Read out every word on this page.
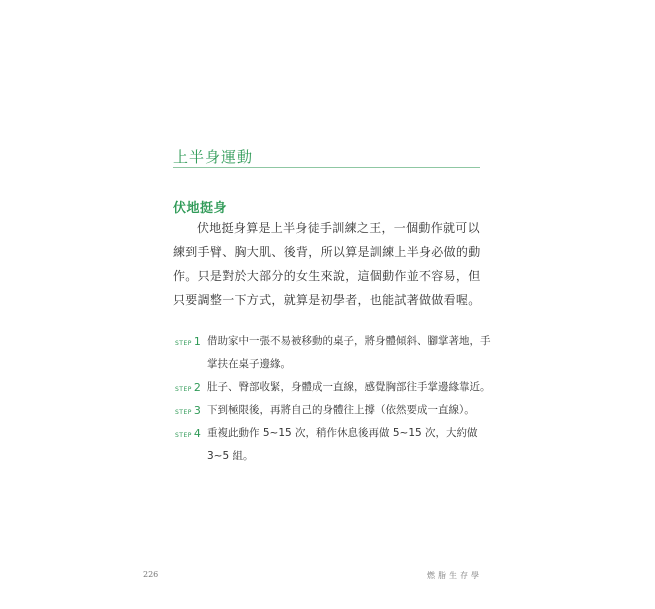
上半身運動
伏地挺身

伏地挺身算是上半身徒手訓練之王，一個動作就可以練到手臂、胸大肌、後背，所以算是訓練上半身必做的動作。只是對於大部分的女生來說，這個動作並不容易，但只要調整一下方式，就算是初學者，也能試著做做看喔。

STEP 1 借助家中一張不易被移動的桌子，將身體傾斜、腳掌著地，手掌扶在桌子邊緣。
STEP 2 肚子、臀部收緊，身體成一直線，感覺胸部往手掌邊緣靠近。
STEP 3 下到極限後，再將自己的身體往上撐（依然要成一直線）。
STEP 4 重複此動作 5~15 次，稍作休息後再做 5~15 次，大約做 3~5 組。
226	燃脂生存學
